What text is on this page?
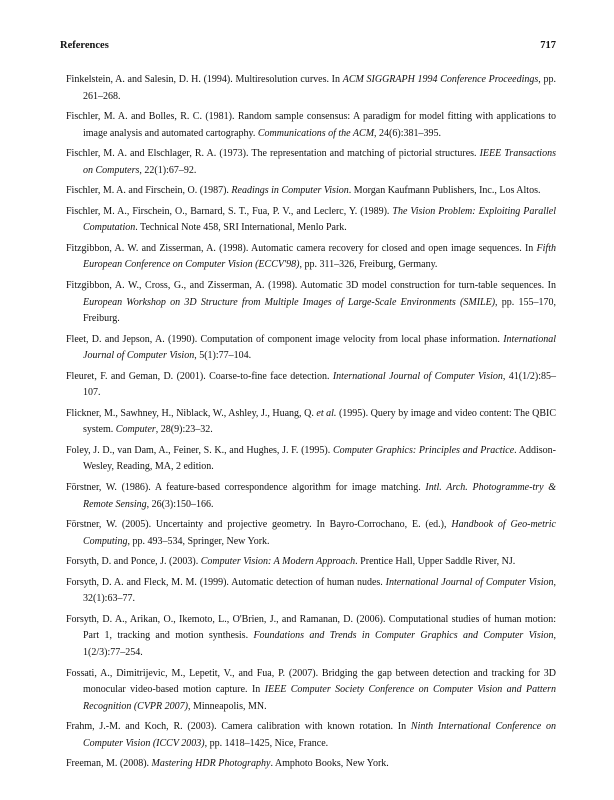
References	717
Finkelstein, A. and Salesin, D. H. (1994). Multiresolution curves. In ACM SIGGRAPH 1994 Conference Proceedings, pp. 261–268.
Fischler, M. A. and Bolles, R. C. (1981). Random sample consensus: A paradigm for model fitting with applications to image analysis and automated cartography. Communications of the ACM, 24(6):381–395.
Fischler, M. A. and Elschlager, R. A. (1973). The representation and matching of pictorial structures. IEEE Transactions on Computers, 22(1):67–92.
Fischler, M. A. and Firschein, O. (1987). Readings in Computer Vision. Morgan Kaufmann Publishers, Inc., Los Altos.
Fischler, M. A., Firschein, O., Barnard, S. T., Fua, P. V., and Leclerc, Y. (1989). The Vision Problem: Exploiting Parallel Computation. Technical Note 458, SRI International, Menlo Park.
Fitzgibbon, A. W. and Zisserman, A. (1998). Automatic camera recovery for closed and open image sequences. In Fifth European Conference on Computer Vision (ECCV'98), pp. 311–326, Freiburg, Germany.
Fitzgibbon, A. W., Cross, G., and Zisserman, A. (1998). Automatic 3D model construction for turn-table sequences. In European Workshop on 3D Structure from Multiple Images of Large-Scale Environments (SMILE), pp. 155–170, Freiburg.
Fleet, D. and Jepson, A. (1990). Computation of component image velocity from local phase information. International Journal of Computer Vision, 5(1):77–104.
Fleuret, F. and Geman, D. (2001). Coarse-to-fine face detection. International Journal of Computer Vision, 41(1/2):85–107.
Flickner, M., Sawhney, H., Niblack, W., Ashley, J., Huang, Q. et al. (1995). Query by image and video content: The QBIC system. Computer, 28(9):23–32.
Foley, J. D., van Dam, A., Feiner, S. K., and Hughes, J. F. (1995). Computer Graphics: Principles and Practice. Addison-Wesley, Reading, MA, 2 edition.
Förstner, W. (1986). A feature-based correspondence algorithm for image matching. Intl. Arch. Photogramme-try & Remote Sensing, 26(3):150–166.
Förstner, W. (2005). Uncertainty and projective geometry. In Bayro-Corrochano, E. (ed.), Handbook of Geo-metric Computing, pp. 493–534, Springer, New York.
Forsyth, D. and Ponce, J. (2003). Computer Vision: A Modern Approach. Prentice Hall, Upper Saddle River, NJ.
Forsyth, D. A. and Fleck, M. M. (1999). Automatic detection of human nudes. International Journal of Computer Vision, 32(1):63–77.
Forsyth, D. A., Arikan, O., Ikemoto, L., O'Brien, J., and Ramanan, D. (2006). Computational studies of human motion: Part 1, tracking and motion synthesis. Foundations and Trends in Computer Graphics and Computer Vision, 1(2/3):77–254.
Fossati, A., Dimitrijevic, M., Lepetit, V., and Fua, P. (2007). Bridging the gap between detection and tracking for 3D monocular video-based motion capture. In IEEE Computer Society Conference on Computer Vision and Pattern Recognition (CVPR 2007), Minneapolis, MN.
Frahm, J.-M. and Koch, R. (2003). Camera calibration with known rotation. In Ninth International Conference on Computer Vision (ICCV 2003), pp. 1418–1425, Nice, France.
Freeman, M. (2008). Mastering HDR Photography. Amphoto Books, New York.
